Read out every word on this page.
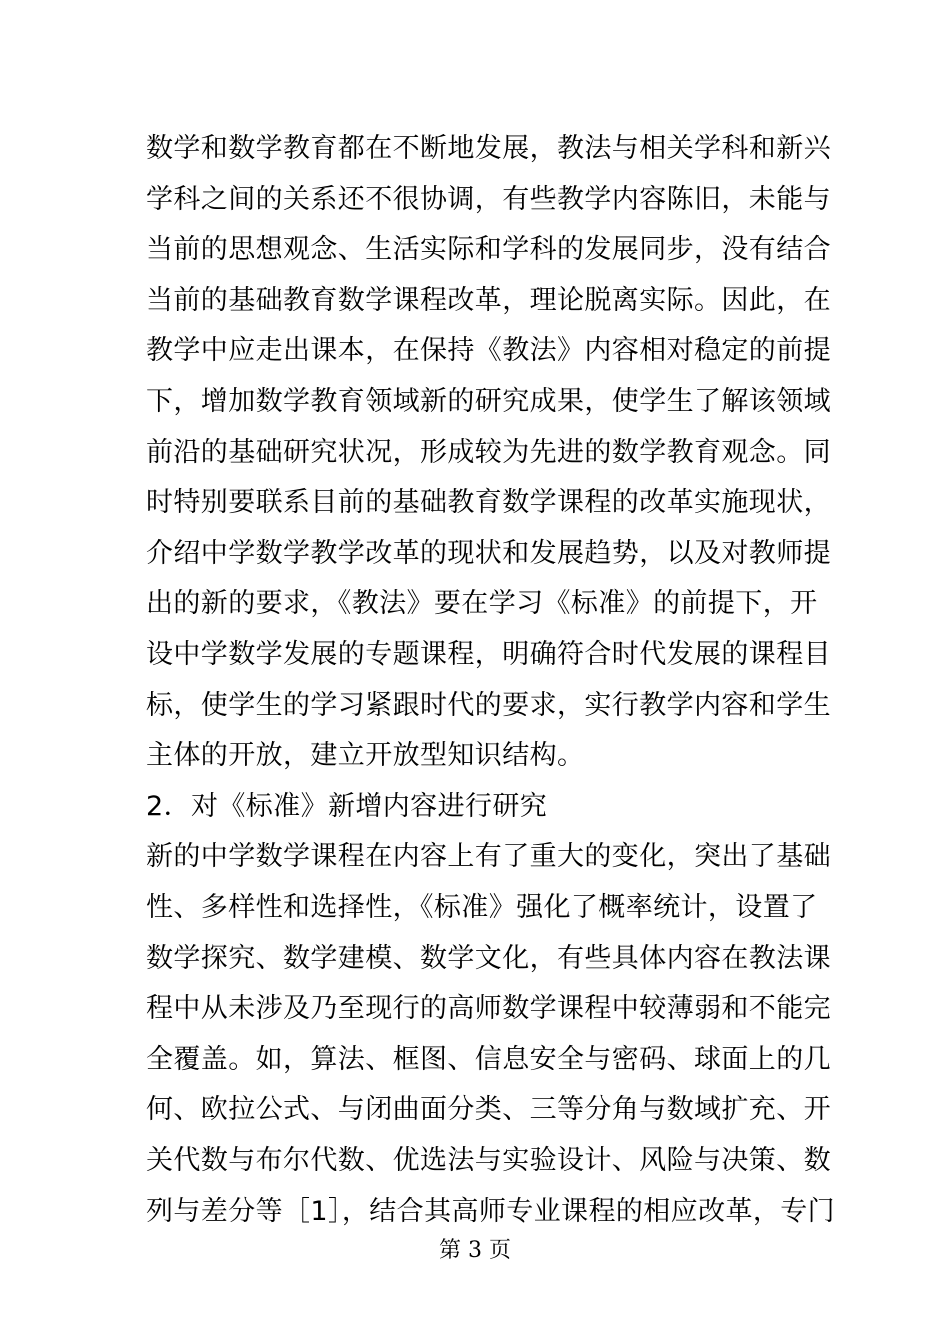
数学和数学教育都在不断地发展，教法与相关学科和新兴
学科之间的关系还不很协调，有些教学内容陈旧，未能与
当前的思想观念、生活实际和学科的发展同步，没有结合
当前的基础教育数学课程改革，理论脱离实际。因此，在
教学中应走出课本，在保持《教法》内容相对稳定的前提
下，增加数学教育领域新的研究成果，使学生了解该领域
前沿的基础研究状况，形成较为先进的数学教育观念。同
时特别要联系目前的基础教育数学课程的改革实施现状，
介绍中学数学教学改革的现状和发展趋势，以及对教师提
出的新的要求，《教法》要在学习《标准》的前提下，开
设中学数学发展的专题课程，明确符合时代发展的课程目
标，使学生的学习紧跟时代的要求，实行教学内容和学生
主体的开放，建立开放型知识结构。
2．对《标准》新增内容进行研究
新的中学数学课程在内容上有了重大的变化，突出了基础
性、多样性和选择性，《标准》强化了概率统计，设置了
数学探究、数学建模、数学文化，有些具体内容在教法课
程中从未涉及乃至现行的高师数学课程中较薄弱和不能完
全覆盖。如，算法、框图、信息安全与密码、球面上的几
何、欧拉公式、与闭曲面分类、三等分角与数域扩充、开
关代数与布尔代数、优选法与实验设计、风险与决策、数
列与差分等［1］，结合其高师专业课程的相应改革，专门
第 3 页
